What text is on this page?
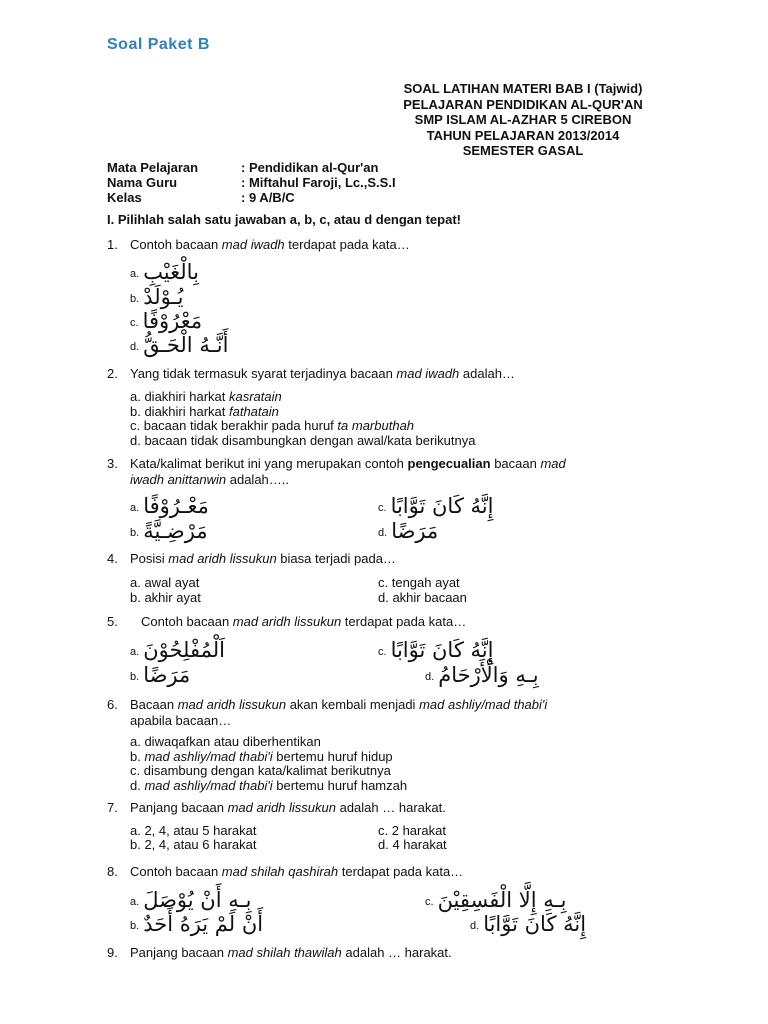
Soal Paket B
SOAL LATIHAN MATERI BAB I (Tajwid)
PELAJARAN PENDIDIKAN AL-QUR'AN
SMP ISLAM AL-AZHAR 5 CIREBON
TAHUN PELAJARAN 2013/2014
SEMESTER GASAL
Mata Pelajaran	: Pendidikan al-Qur'an
Nama Guru	: Miftahul Faroji, Lc.,S.S.I
Kelas	: 9 A/B/C
I. Pilihlah salah satu jawaban a, b, c, atau d dengan tepat!
1. Contoh bacaan mad iwadh terdapat pada kata…
a. بِالْغَيْبِ
b. يُـوْلَدْ
c. مَعْرُوْفًا
d. أَنَّـهُ الْحَـقُّ
2. Yang tidak termasuk syarat terjadinya bacaan mad iwadh adalah…
a. diakhiri harkat kasratain
b. diakhiri harkat fathatain
c. bacaan tidak berakhir pada huruf ta marbuthah
d. bacaan tidak disambungkan dengan awal/kata berikutnya
3. Kata/kalimat berikut ini yang merupakan contoh pengecualian bacaan mad
iwadh anittanwin adalah…..
a. مَعْـرُوْفًا
b. مَرْضِـيَّةً
c. إِنَّهُ كَانَ تَوَّابًا
d. مَرَضًا
4. Posisi mad aridh lissukun biasa terjadi pada…
a. awal ayat
b. akhir ayat
c. tengah ayat
d. akhir bacaan
5. Contoh bacaan mad aridh lissukun terdapat pada kata…
a. اَلْمُفْلِحُوْنَ
b. مَرَضًا
c. إِنَّهُ كَانَ تَوَّابًا
d. بِـهِ وَالْأَرْحَامُ
6. Bacaan mad aridh lissukun akan kembali menjadi mad ashliy/mad thabi'i
apabila bacaan…
a. diwaqafkan atau diberhentikan
b. mad ashliy/mad thabi'i bertemu huruf hidup
c. disambung dengan kata/kalimat berikutnya
d. mad ashliy/mad thabi'i bertemu huruf hamzah
7. Panjang bacaan mad aridh lissukun adalah … harakat.
a. 2, 4, atau 5 harakat
b. 2, 4, atau 6 harakat
c. 2 harakat
d. 4 harakat
8. Contoh bacaan mad shilah qashirah terdapat pada kata…
a. بِـهِ أَنْ يُوْصَلَ
b. أَنْ لَمْ يَرَهُ أَحَدٌ
c. بِـهِ إِلَّا الْفَسِقِيْنَ
d. إِنَّهُ كَانَ تَوَّابًا
9. Panjang bacaan mad shilah thawilah adalah … harakat.
